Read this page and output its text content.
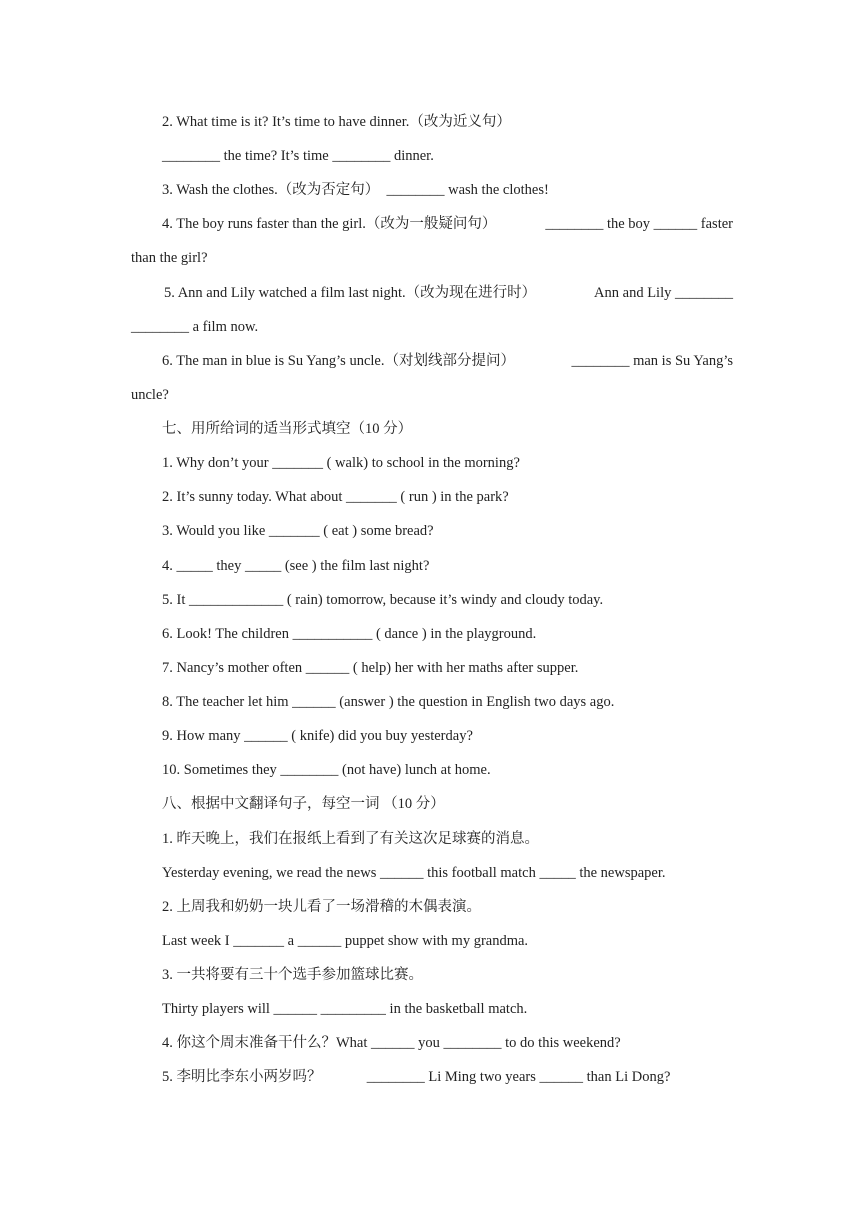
2. What time is it? It’s time to have dinner.（改为近义句）
________ the time? It’s time ________ dinner.
3. Wash the clothes.（改为否定句）　________ wash the clothes!
4. The boy runs faster than the girl.（改为一般疑问句）	________ the boy ______ faster
than the girl?
5. Ann and Lily watched a film last night.（改为现在进行时）	Ann and Lily ________
________ a film now.
6. The man in blue is Su Yang’s uncle.（对划线部分提问）	________ man is Su Yang’s
uncle?
七、用所给词的适当形式填空（10 分）
1. Why don’t your _______ ( walk) to school in the morning?
2. It’s sunny today. What about _______ ( run ) in the park?
3. Would you like _______ ( eat ) some bread?
4. _____ they _____ (see ) the film last night?
5. It _____________ ( rain) tomorrow, because it’s windy and cloudy today.
6. Look! The children ___________ ( dance ) in the playground.
7. Nancy’s mother often ______ ( help) her with her maths after supper.
8. The teacher let him ______ (answer ) the question in English two days ago.
9. How many ______ ( knife) did you buy yesterday?
10. Sometimes they ________ (not have) lunch at home.
八、根据中文翻译句子，每空一词 （10 分）
1. 昨天晚上，我们在报纸上看到了有关这次足球赛的消息。
Yesterday evening, we read the news ______ this football match _____ the newspaper.
2. 上周我和奶奶一块儿看了一场滑稽的木偶表演。
Last week I _______ a ______ puppet show with my grandma.
3. 一共将要有三十个选手参加篮球比赛。
Thirty players will ______ _________ in the basketball match.
4. 你这个周末准备干什么？What ______ you ________ to do this weekend?
5. 李明比李东小两岁吗？	________ Li Ming two years ______ than Li Dong?
